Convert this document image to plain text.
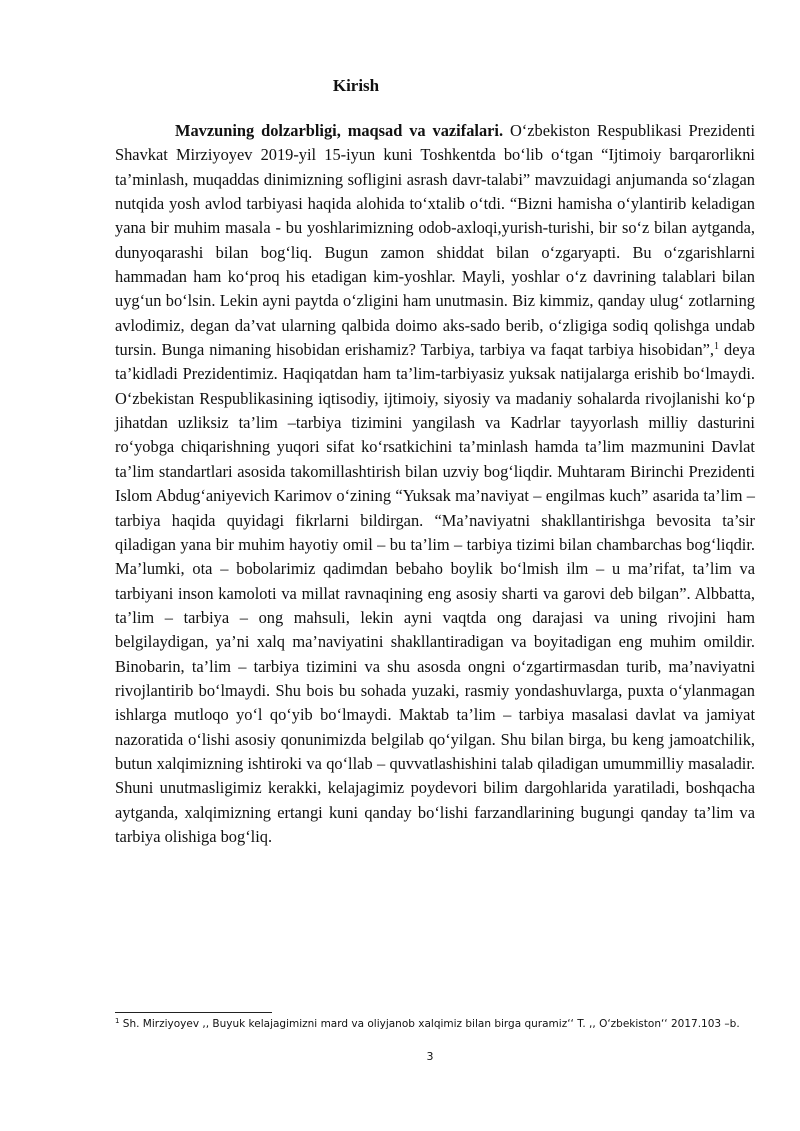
Kirish

Mavzuning dolzarbligi, maqsad va vazifalari. O‘zbekiston Respublikasi Prezidenti Shavkat Mirziyoyev 2019-yil 15-iyun kuni Toshkentda bo‘lib o‘tgan “Ijtimoiy barqarorlikni ta’minlash, muqaddas dinimizning sofligini asrash davr-talabi” mavzuidagi anjumanda so‘zlagan nutqida yosh avlod tarbiyasi haqida alohida to‘xtalib o‘tdi. “Bizni hamisha o‘ylantirib keladigan yana bir muhim masala - bu yoshlarimizning odob-axloqi,yurish-turishi, bir so‘z bilan aytganda, dunyoqarashi bilan bog‘liq. Bugun zamon shiddat bilan o‘zgaryapti. Bu o‘zgarishlarni hammadan ham ko‘proq his etadigan kim-yoshlar. Mayli, yoshlar o‘z davrining talablari bilan uyg‘un bo‘lsin. Lekin ayni paytda o‘zligini ham unutmasin. Biz kimmiz, qanday ulug‘ zotlarning avlodimiz, degan da’vat ularning qalbida doimo aks-sado berib, o‘zligiga sodiq qolishga undab tursin. Bunga nimaning hisobidan erishamiz? Tarbiya, tarbiya va faqat tarbiya hisobidan”,$^1$ deya ta’kidladi Prezidentimiz. Haqiqatdan ham ta’lim-tarbiyasiz yuksak natijalarga erishib bo‘lmaydi. O‘zbekistan Respublikasining iqtisodiy, ijtimoiy, siyosiy va madaniy sohalarda rivojlanishi ko‘p jihatdan uzliksiz ta’lim –tarbiya tizimini yangilash va Kadrlar tayyorlash milliy dasturini ro‘yobga chiqarishning yuqori sifat ko‘rsatkichini ta’minlash hamda ta’lim mazmunini Davlat ta’lim standartlari asosida takomillashtirish bilan uzviy bog‘liqdir. Muhtaram Birinchi Prezidenti Islom Abdug‘aniyevich Karimov o‘zining “Yuksak ma’naviyat – engilmas kuch” asarida ta’lim – tarbiya haqida quyidagi fikrlarni bildirgan. “Ma’naviyatni shakllantirishga bevosita ta’sir qiladigan yana bir muhim hayotiy omil – bu ta’lim – tarbiya tizimi bilan chambarchas bog‘liqdir. Ma’lumki, ota – bobolarimiz qadimdan bebaho boylik bo‘lmish ilm – u ma’rifat, ta’lim va tarbiyani inson kamoloti va millat ravnaqining eng asosiy sharti va garovi deb bilgan”. Albbatta, ta’lim – tarbiya – ong mahsuli, lekin ayni vaqtda ong darajasi va uning rivojini ham belgilaydigan, ya’ni xalq ma’naviyatini shakllantiradigan va boyitadigan eng muhim omildir. Binobarin, ta’lim – tarbiya tizimini va shu asosda ongni o‘zgartirmasdan turib, ma’naviyatni rivojlantirib bo‘lmaydi. Shu bois bu sohada yuzaki, rasmiy yondashuvlarga, puxta o‘ylanmagan ishlarga mutloqo yo‘l qo‘yib bo‘lmaydi. Maktab ta’lim – tarbiya masalasi davlat va jamiyat nazoratida o‘lishi asosiy qonunimizda belgilab qo‘yilgan. Shu bilan birga, bu keng jamoatchilik, butun xalqimizning ishtiroki va qo‘llab – quvvatlashishini talab qiladigan umummilliy masaladir. Shuni unutmasligimiz kerakki, kelajagimiz poydevori bilim dargohlarida yaratiladi, boshqacha aytganda, xalqimizning ertangi kuni qanday bo‘lishi farzandlarining bugungi qanday ta’lim va tarbiya olishiga bog‘liq.

$^1$ Sh. Mirziyoyev ,, Buyuk kelajagimizni mard va oliyjanob xalqimiz bilan birga quramiz‘‘ T. ,, O‘zbekiston‘‘ 2017.103 –b.

3
